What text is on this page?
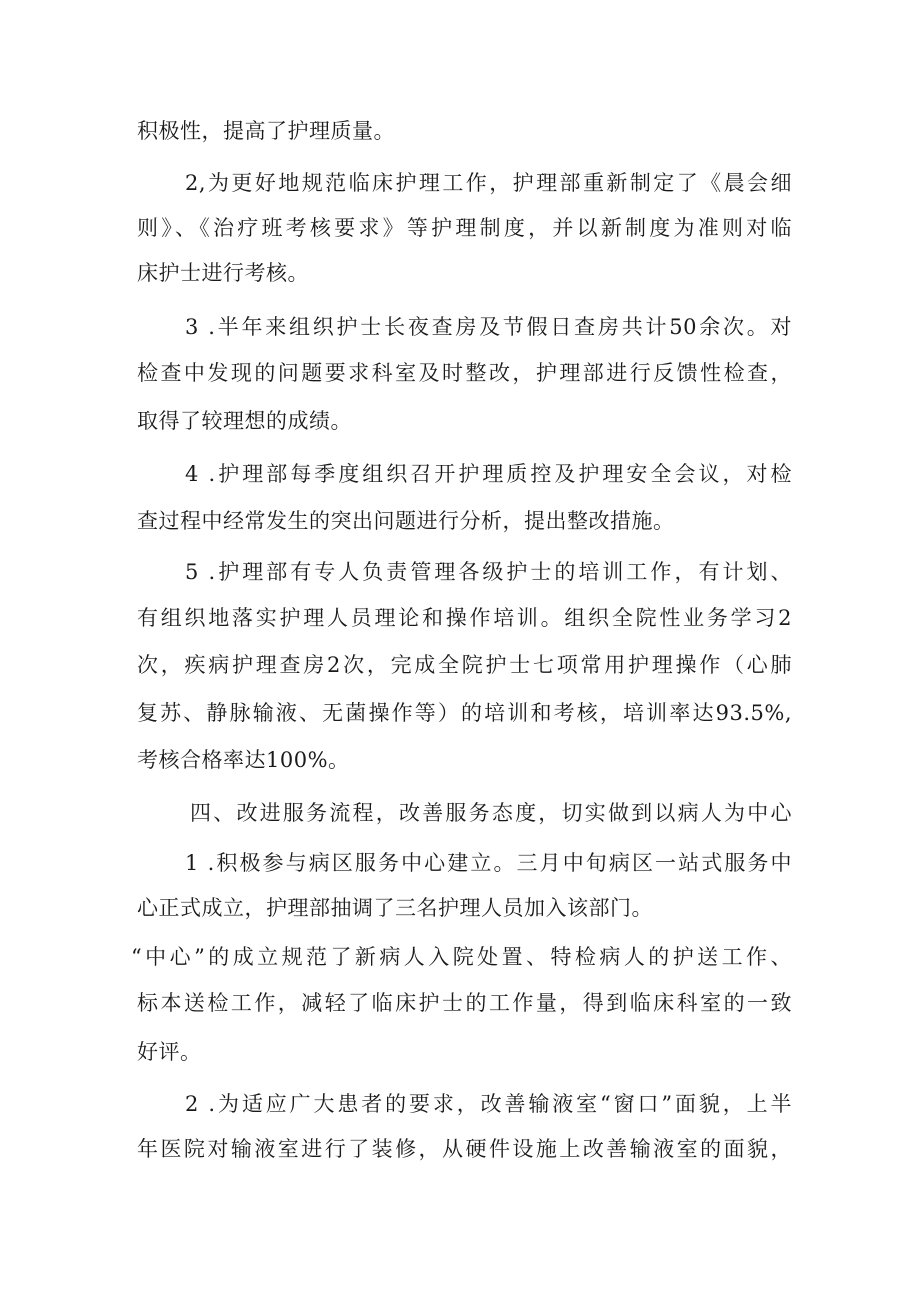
积极性，提高了护理质量。
2,为更好地规范临床护理工作，护理部重新制定了《晨会细
则》、《治疗班考核要求》等护理制度，并以新制度为准则对临
床护士进行考核。
3 .半年来组织护士长夜查房及节假日查房共计50余次。对
检查中发现的问题要求科室及时整改，护理部进行反馈性检查，
取得了较理想的成绩。
4 .护理部每季度组织召开护理质控及护理安全会议，对检
查过程中经常发生的突出问题进行分析，提出整改措施。
5 .护理部有专人负责管理各级护士的培训工作，有计划、
有组织地落实护理人员理论和操作培训。组织全院性业务学习2
次，疾病护理查房2次，完成全院护士七项常用护理操作（心肺
复苏、静脉输液、无菌操作等）的培训和考核，培训率达93.5%,
考核合格率达100%。
四、改进服务流程，改善服务态度，切实做到以病人为中心
1 .积极参与病区服务中心建立。三月中旬病区一站式服务中
心正式成立，护理部抽调了三名护理人员加入该部门。
“中心”的成立规范了新病人入院处置、特检病人的护送工作、
标本送检工作，减轻了临床护士的工作量，得到临床科室的一致
好评。
2 .为适应广大患者的要求，改善输液室“窗口”面貌，上半
年医院对输液室进行了装修，从硬件设施上改善输液室的面貌，
